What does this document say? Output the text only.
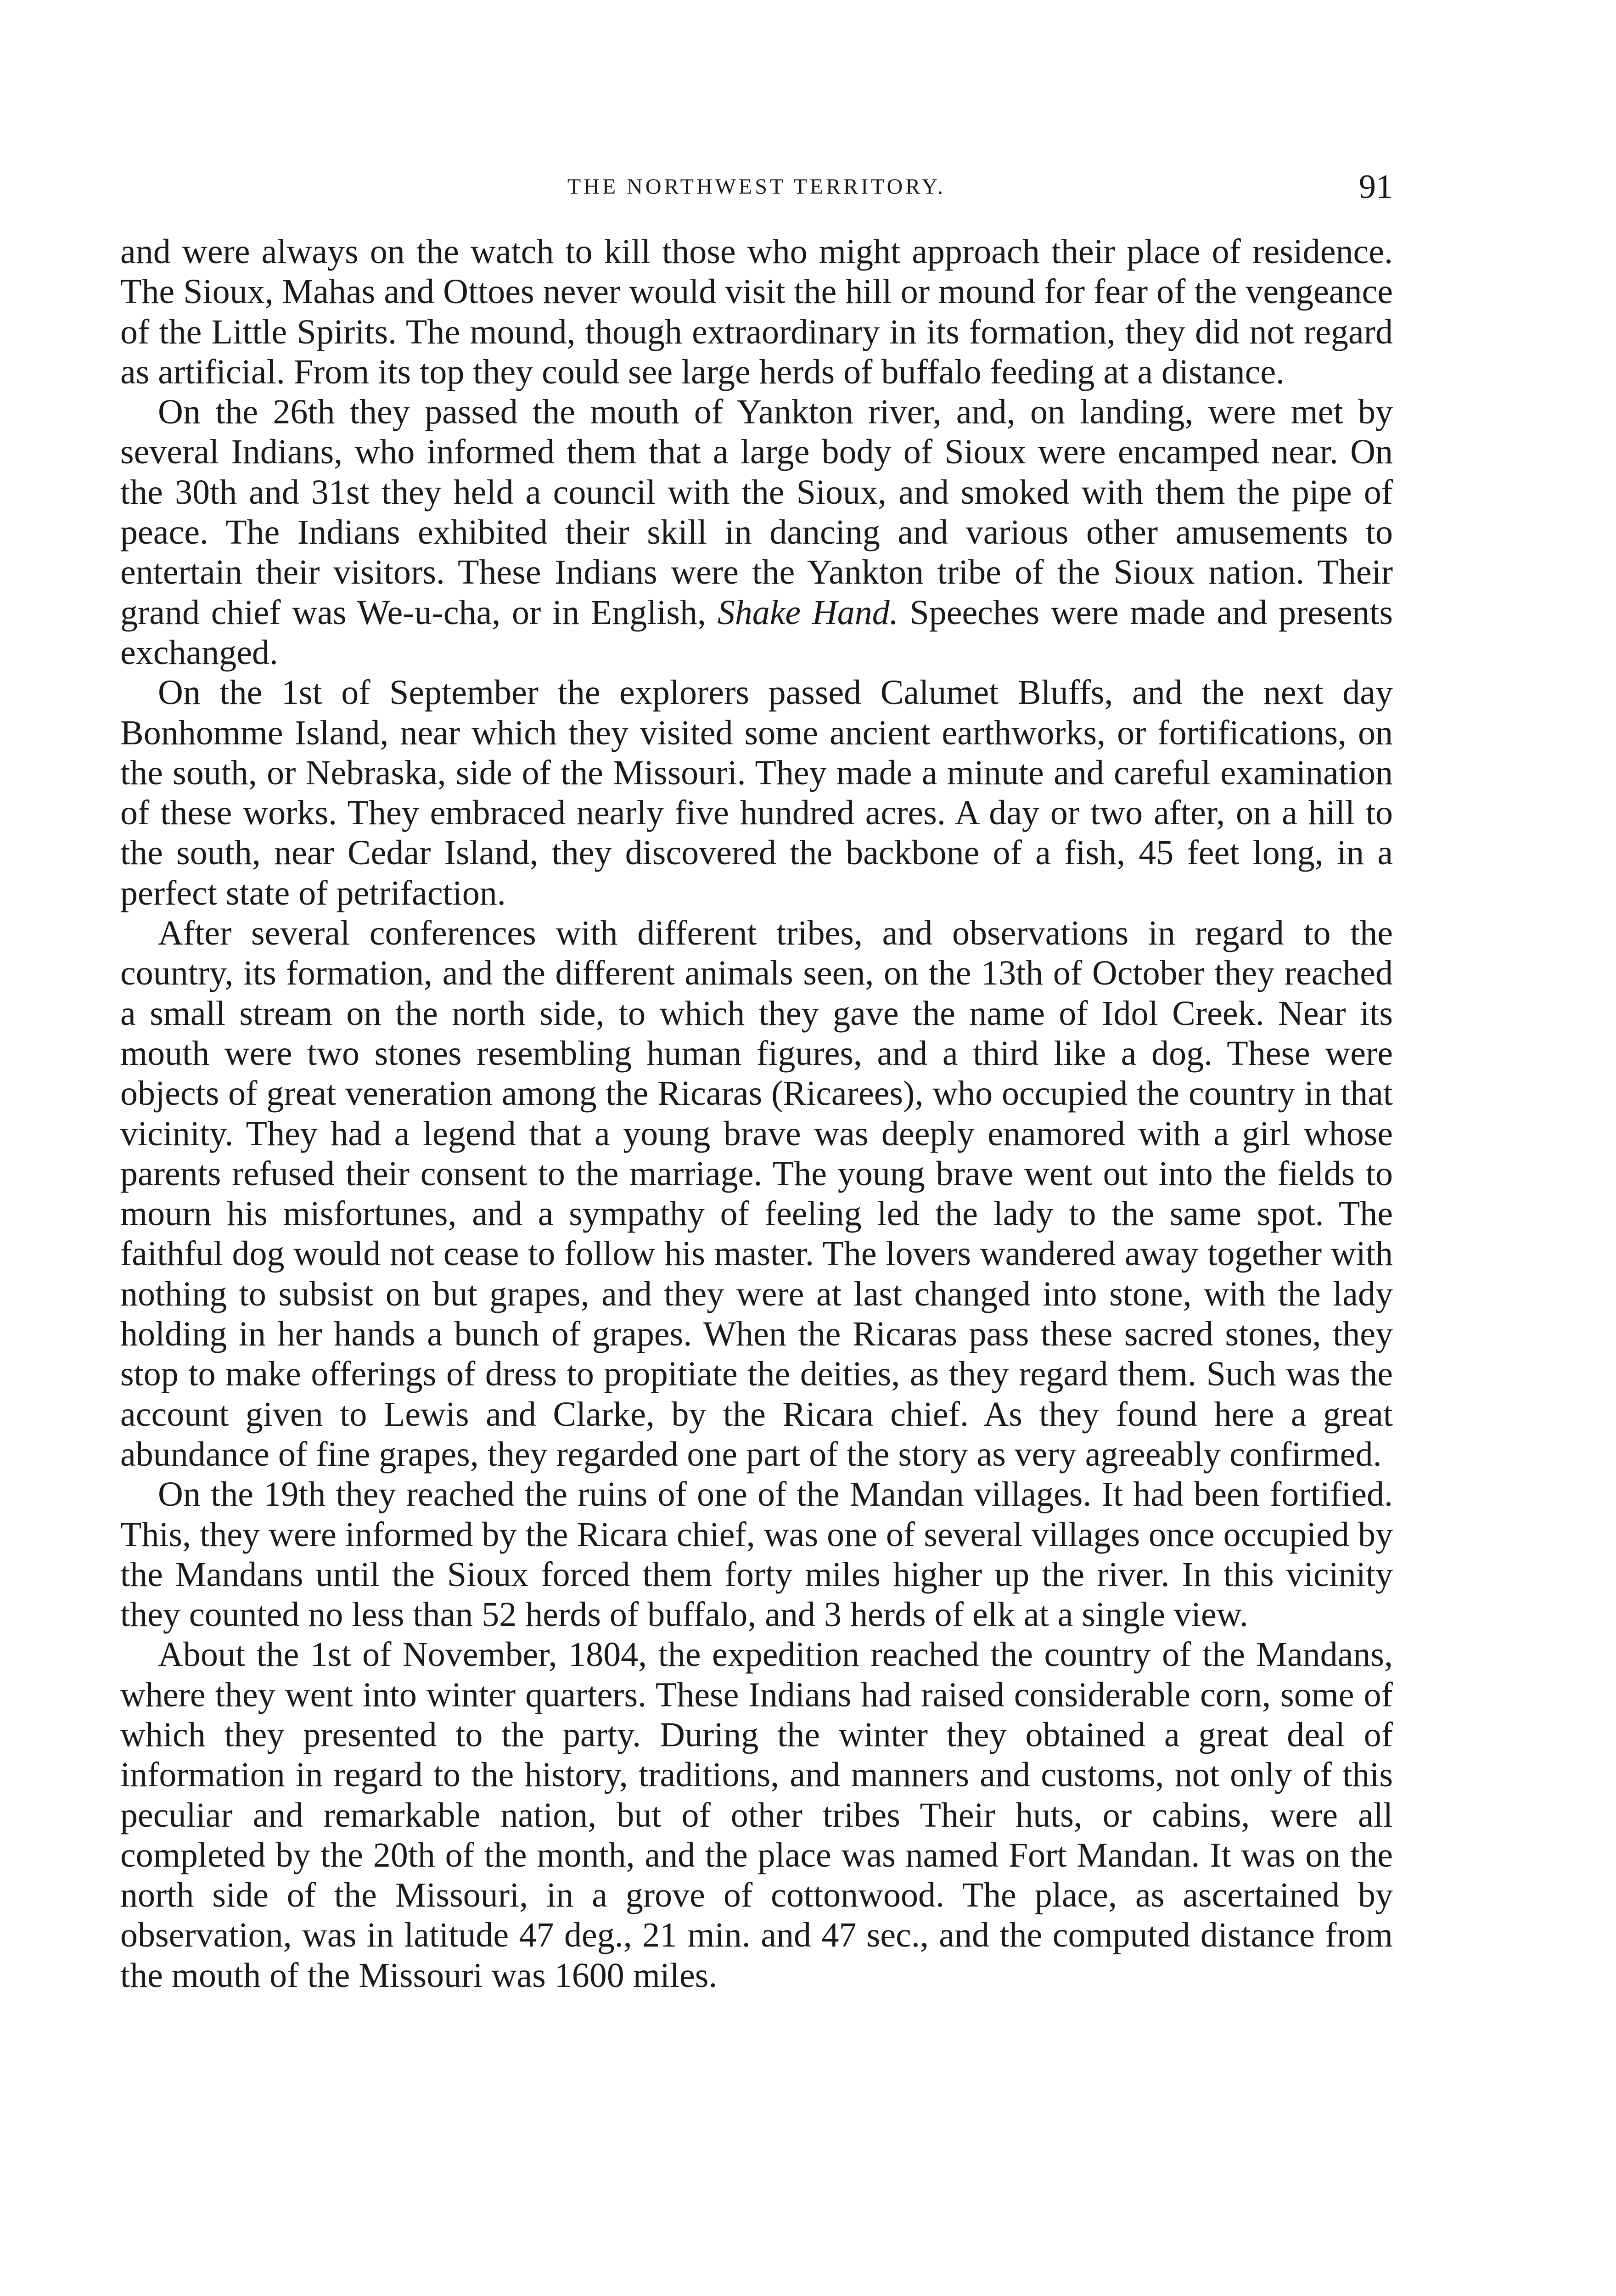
THE NORTHWEST TERRITORY.	91

and were always on the watch to kill those who might approach their place of residence. The Sioux, Mahas and Ottoes never would visit the hill or mound for fear of the vengeance of the Little Spirits. The mound, though extraordinary in its formation, they did not regard as artificial. From its top they could see large herds of buffalo feeding at a distance.

On the 26th they passed the mouth of Yankton river, and, on landing, were met by several Indians, who informed them that a large body of Sioux were encamped near. On the 30th and 31st they held a council with the Sioux, and smoked with them the pipe of peace. The Indians exhibited their skill in dancing and various other amusements to entertain their visitors. These Indians were the Yankton tribe of the Sioux nation. Their grand chief was We-u-cha, or in English, Shake Hand. Speeches were made and presents exchanged.

On the 1st of September the explorers passed Calumet Bluffs, and the next day Bonhomme Island, near which they visited some ancient earthworks, or fortifications, on the south, or Nebraska, side of the Missouri. They made a minute and careful examination of these works. They embraced nearly five hundred acres. A day or two after, on a hill to the south, near Cedar Island, they discovered the backbone of a fish, 45 feet long, in a perfect state of petrifaction.

After several conferences with different tribes, and observations in regard to the country, its formation, and the different animals seen, on the 13th of October they reached a small stream on the north side, to which they gave the name of Idol Creek. Near its mouth were two stones resembling human figures, and a third like a dog. These were objects of great veneration among the Ricaras (Ricarees), who occupied the country in that vicinity. They had a legend that a young brave was deeply enamored with a girl whose parents refused their consent to the marriage. The young brave went out into the fields to mourn his misfortunes, and a sympathy of feeling led the lady to the same spot. The faithful dog would not cease to follow his master. The lovers wandered away together with nothing to subsist on but grapes, and they were at last changed into stone, with the lady holding in her hands a bunch of grapes. When the Ricaras pass these sacred stones, they stop to make offerings of dress to propitiate the deities, as they regard them. Such was the account given to Lewis and Clarke, by the Ricara chief. As they found here a great abundance of fine grapes, they regarded one part of the story as very agreeably confirmed.

On the 19th they reached the ruins of one of the Mandan villages. It had been fortified. This, they were informed by the Ricara chief, was one of several villages once occupied by the Mandans until the Sioux forced them forty miles higher up the river. In this vicinity they counted no less than 52 herds of buffalo, and 3 herds of elk at a single view.

About the 1st of November, 1804, the expedition reached the country of the Mandans, where they went into winter quarters. These Indians had raised considerable corn, some of which they presented to the party. During the winter they obtained a great deal of information in regard to the history, traditions, and manners and customs, not only of this peculiar and remarkable nation, but of other tribes Their huts, or cabins, were all completed by the 20th of the month, and the place was named Fort Mandan. It was on the north side of the Missouri, in a grove of cottonwood. The place, as ascertained by observation, was in latitude 47 deg., 21 min. and 47 sec., and the computed distance from the mouth of the Missouri was 1600 miles.
